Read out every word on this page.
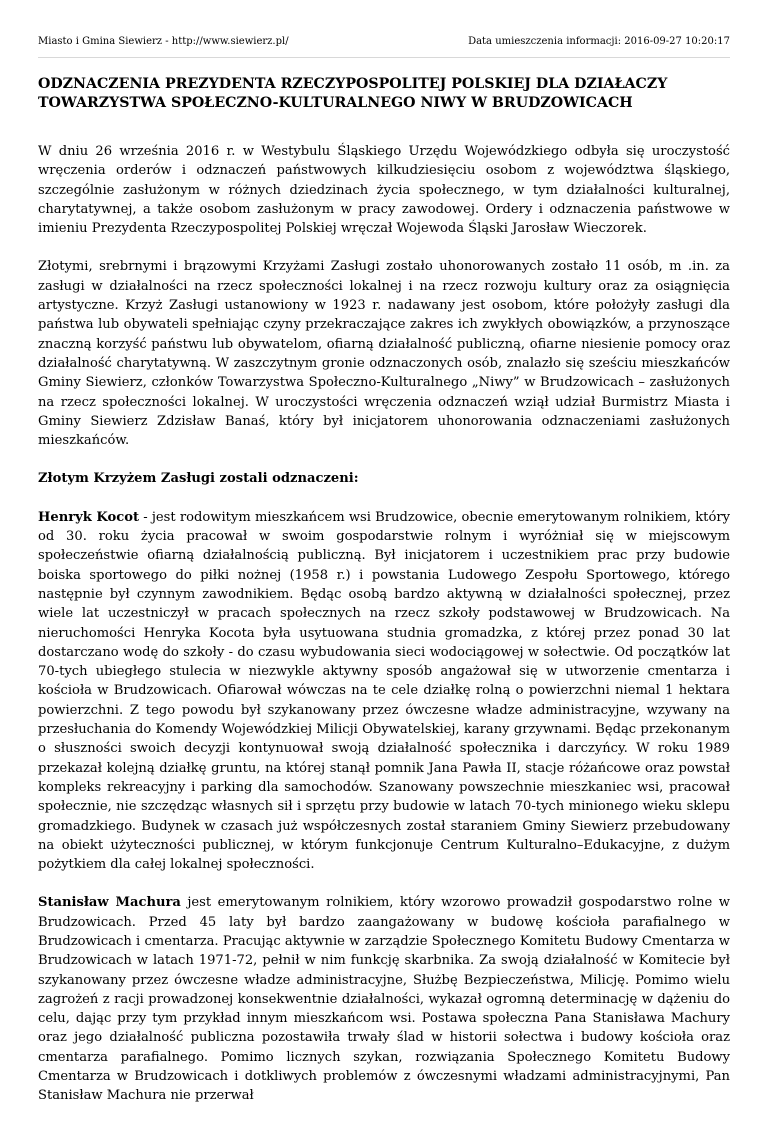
Miasto i Gmina Siewierz - http://www.siewierz.pl/	Data umieszczenia informacji: 2016-09-27 10:20:17
ODZNACZENIA PREZYDENTA RZECZYPOSPOLITEJ POLSKIEJ DLA DZIAŁACZY TOWARZYSTWA SPOŁECZNO-KULTURALNEGO NIWY W BRUDZOWICACH

W dniu 26 września 2016 r. w Westybulu Śląskiego Urzędu Wojewódzkiego odbyła się uroczystość wręczenia orderów i odznaczeń państwowych kilkudziesięciu osobom z województwa śląskiego, szczególnie zasłużonym w różnych dziedzinach życia społecznego, w tym działalności kulturalnej, charytatywnej, a także osobom zasłużonym w pracy zawodowej. Ordery i odznaczenia państwowe w imieniu Prezydenta Rzeczypospolitej Polskiej wręczał Wojewoda Śląski Jarosław Wieczorek.

Złotymi, srebrnymi i brązowymi Krzyżami Zasługi zostało uhonorowanych zostało 11 osób, m .in. za zasługi w działalności na rzecz społeczności lokalnej i na rzecz rozwoju kultury oraz za osiągnięcia artystyczne. Krzyż Zasługi ustanowiony w 1923 r. nadawany jest osobom, które położyły zasługi dla państwa lub obywateli spełniając czyny przekraczające zakres ich zwykłych obowiązków, a przynoszące znaczną korzyść państwu lub obywatelom, ofiarną działalność publiczną, ofiarne niesienie pomocy oraz działalność charytatywną. W zaszczytnym gronie odznaczonych osób, znalazło się sześciu mieszkańców Gminy Siewierz, członków Towarzystwa Społeczno-Kulturalnego „Niwy” w Brudzowicach – zasłużonych na rzecz społeczności lokalnej. W uroczystości wręczenia odznaczeń wziął udział Burmistrz Miasta i Gminy Siewierz Zdzisław Banaś, który był inicjatorem uhonorowania odznaczeniami zasłużonych mieszkańców.

Złotym Krzyżem Zasługi zostali odznaczeni:

Henryk Kocot - jest rodowitym mieszkańcem wsi Brudzowice, obecnie emerytowanym rolnikiem, który od 30. roku życia pracował w swoim gospodarstwie rolnym i wyróżniał się w miejscowym społeczeństwie ofiarną działalnością publiczną. Był inicjatorem i uczestnikiem prac przy budowie boiska sportowego do piłki nożnej (1958 r.) i powstania Ludowego Zespołu Sportowego, którego następnie był czynnym zawodnikiem. Będąc osobą bardzo aktywną w działalności społecznej, przez wiele lat uczestniczył w pracach społecznych na rzecz szkoły podstawowej w Brudzowicach. Na nieruchomości Henryka Kocota była usytuowana studnia gromadzka, z której przez ponad 30 lat dostarczano wodę do szkoły - do czasu wybudowania sieci wodociągowej w sołectwie. Od początków lat 70-tych ubiegłego stulecia w niezwykle aktywny sposób angażował się w utworzenie cmentarza i kościoła w Brudzowicach. Ofiarował wówczas na te cele działkę rolną o powierzchni niemal 1 hektara powierzchni. Z tego powodu był szykanowany przez ówczesne władze administracyjne, wzywany na przesłuchania do Komendy Wojewódzkiej Milicji Obywatelskiej, karany grzywnami. Będąc przekonanym o słuszności swoich decyzji kontynuował swoją działalność społecznika i darczyńcy. W roku 1989 przekazał kolejną działkę gruntu, na której stanął pomnik Jana Pawła II, stacje różańcowe oraz powstał kompleks rekreacyjny i parking dla samochodów. Szanowany powszechnie mieszkaniec wsi, pracował społecznie, nie szczędząc własnych sił i sprzętu przy budowie w latach 70-tych minionego wieku sklepu gromadzkiego. Budynek w czasach już współczesnych został staraniem Gminy Siewierz przebudowany na obiekt użyteczności publicznej, w którym funkcjonuje Centrum Kulturalno–Edukacyjne, z dużym pożytkiem dla całej lokalnej społeczności.

Stanisław Machura jest emerytowanym rolnikiem, który wzorowo prowadził gospodarstwo rolne w Brudzowicach. Przed 45 laty był bardzo zaangażowany w budowę kościoła parafialnego w Brudzowicach i cmentarza. Pracując aktywnie w zarządzie Społecznego Komitetu Budowy Cmentarza w Brudzowicach w latach 1971-72, pełnił w nim funkcję skarbnika. Za swoją działalność w Komitecie był szykanowany przez ówczesne władze administracyjne, Służbę Bezpieczeństwa, Milicję. Pomimo wielu zagrożeń z racji prowadzonej konsekwentnie działalności, wykazał ogromną determinację w dążeniu do celu, dając przy tym przykład innym mieszkańcom wsi. Postawa społeczna Pana Stanisława Machury oraz jego działalność publiczna pozostawiła trwały ślad w historii sołectwa i budowy kościoła oraz cmentarza parafialnego. Pomimo licznych szykan, rozwiązania Społecznego Komitetu Budowy Cmentarza w Brudzowicach i dotkliwych problemów z ówczesnymi władzami administracyjnymi, Pan Stanisław Machura nie przerwał
